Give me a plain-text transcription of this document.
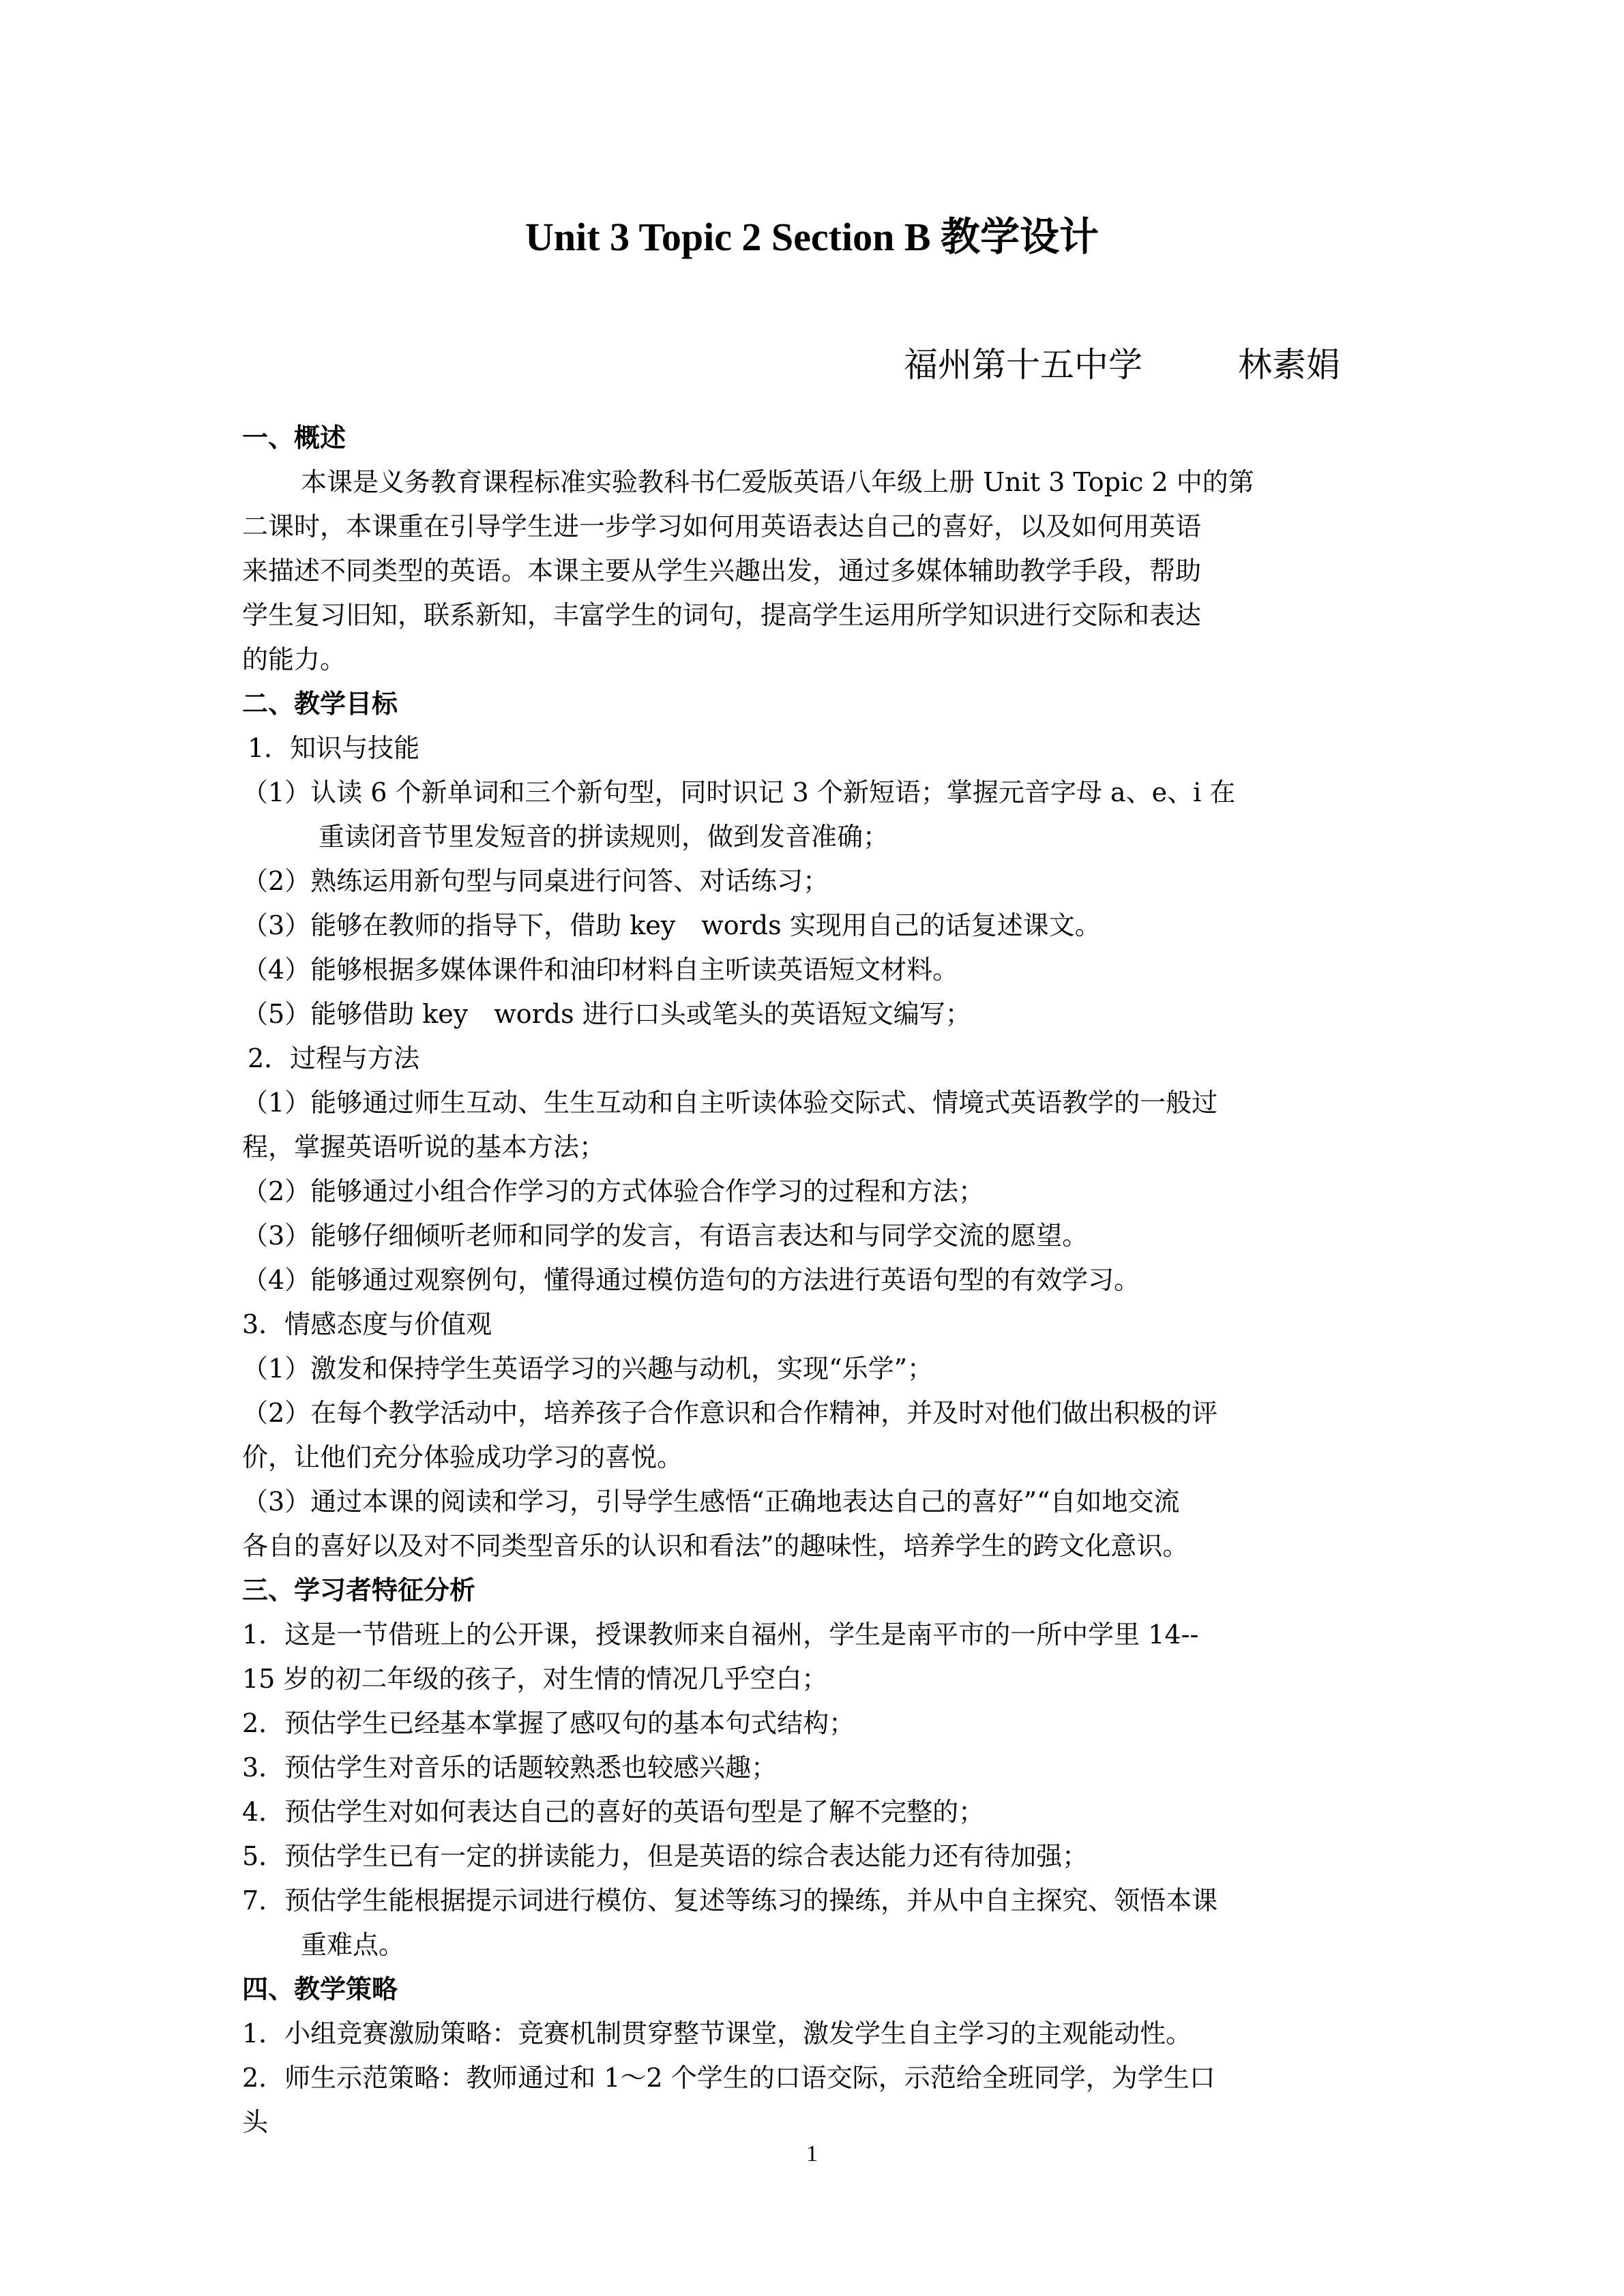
Unit 3 Topic 2 Section B 教学设计
福州第十五中学	林素娟
一、概述
本课是义务教育课程标准实验教科书仁爱版英语八年级上册 Unit 3 Topic 2 中的第
二课时，本课重在引导学生进一步学习如何用英语表达自己的喜好，以及如何用英语
来描述不同类型的英语。本课主要从学生兴趣出发，通过多媒体辅助教学手段，帮助
学生复习旧知，联系新知，丰富学生的词句，提高学生运用所学知识进行交际和表达
的能力。
二、教学目标
1．知识与技能
（1）认读 6 个新单词和三个新句型，同时识记 3 个新短语；掌握元音字母 a、e、i 在
重读闭音节里发短音的拼读规则，做到发音准确；
（2）熟练运用新句型与同桌进行问答、对话练习；
（3）能够在教师的指导下，借助 key　words 实现用自己的话复述课文。
（4）能够根据多媒体课件和油印材料自主听读英语短文材料。
（5）能够借助 key　words 进行口头或笔头的英语短文编写；
2．过程与方法
（1）能够通过师生互动、生生互动和自主听读体验交际式、情境式英语教学的一般过
程，掌握英语听说的基本方法；
（2）能够通过小组合作学习的方式体验合作学习的过程和方法；
（3）能够仔细倾听老师和同学的发言，有语言表达和与同学交流的愿望。
（4）能够通过观察例句，懂得通过模仿造句的方法进行英语句型的有效学习。
3．情感态度与价值观
（1）激发和保持学生英语学习的兴趣与动机，实现“乐学”；
（2）在每个教学活动中，培养孩子合作意识和合作精神，并及时对他们做出积极的评
价，让他们充分体验成功学习的喜悦。
（3）通过本课的阅读和学习，引导学生感悟“正确地表达自己的喜好”“自如地交流
各自的喜好以及对不同类型音乐的认识和看法”的趣味性，培养学生的跨文化意识。
三、学习者特征分析
1．这是一节借班上的公开课，授课教师来自福州，学生是南平市的一所中学里 14--
15 岁的初二年级的孩子，对生情的情况几乎空白；
2．预估学生已经基本掌握了感叹句的基本句式结构；
3．预估学生对音乐的话题较熟悉也较感兴趣；
4．预估学生对如何表达自己的喜好的英语句型是了解不完整的；
5．预估学生已有一定的拼读能力，但是英语的综合表达能力还有待加强；
7．预估学生能根据提示词进行模仿、复述等练习的操练，并从中自主探究、领悟本课
重难点。
四、教学策略
1．小组竞赛激励策略：竞赛机制贯穿整节课堂，激发学生自主学习的主观能动性。
2．师生示范策略：教师通过和 1～2 个学生的口语交际，示范给全班同学，为学生口
头
1
